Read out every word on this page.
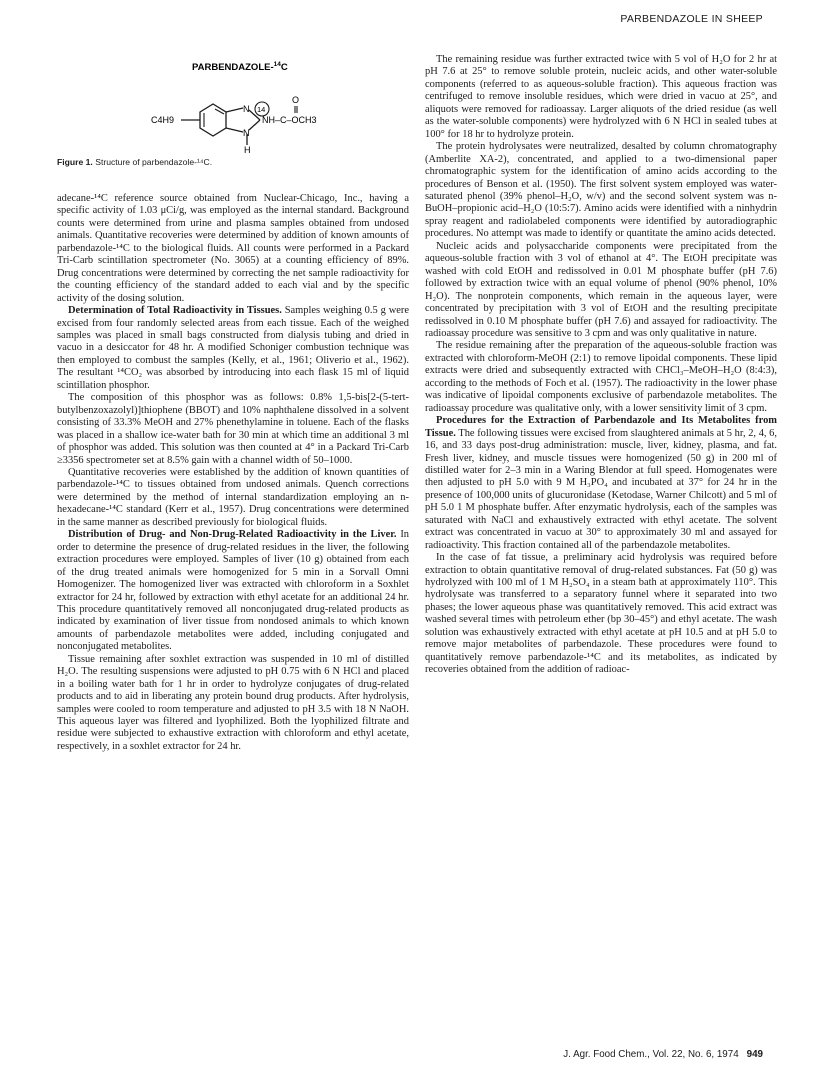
PARBENDAZOLE IN SHEEP
PARBENDAZOLE-$^{14}$C
14
O
C4H9
N
N
H
NH–C–OCH3
Figure 1. Structure of parbendazole-¹⁴C.

adecane-¹⁴C reference source obtained from Nuclear-Chicago, Inc., having a specific activity of 1.03 μCi/g, was employed as the internal standard. Background counts were determined from urine and plasma samples obtained from undosed animals. Quantitative recoveries were determined by addition of known amounts of parbendazole-¹⁴C to the biological fluids. All counts were performed in a Packard Tri-Carb scintillation spectrometer (No. 3065) at a counting efficiency of 89%. Drug concentrations were determined by correcting the net sample radioactivity for the counting efficiency of the standard added to each vial and by the specific activity of the dosing solution.

Determination of Total Radioactivity in Tissues. Samples weighing 0.5 g were excised from four randomly selected areas from each tissue. Each of the weighed samples was placed in small bags constructed from dialysis tubing and dried in vacuo in a desiccator for 48 hr. A modified Schoniger combustion technique was then employed to combust the samples (Kelly, et al., 1961; Oliverio et al., 1962). The resultant ¹⁴CO₂ was absorbed by introducing into each flask 15 ml of liquid scintillation phosphor.

The composition of this phosphor was as follows: 0.8% 1,5-bis[2-(5-tert-butylbenzoxazolyl)]thiophene (BBOT) and 10% naphthalene dissolved in a solvent consisting of 33.3% MeOH and 27% phenethylamine in toluene. Each of the flasks was placed in a shallow ice-water bath for 30 min at which time an additional 3 ml of phosphor was added. This solution was then counted at 4° in a Packard Tri-Carb ≥3356 spectrometer set at 8.5% gain with a channel width of 50–1000.

Quantitative recoveries were established by the addition of known quantities of parbendazole-¹⁴C to tissues obtained from undosed animals. Quench corrections were determined by the method of internal standardization employing an n-hexadecane-¹⁴C standard (Kerr et al., 1957). Drug concentrations were determined in the same manner as described previously for biological fluids.

Distribution of Drug- and Non-Drug-Related Radioactivity in the Liver. In order to determine the presence of drug-related residues in the liver, the following extraction procedures were employed. Samples of liver (10 g) obtained from each of the drug treated animals were homogenized for 5 min in a Sorvall Omni Homogenizer. The homogenized liver was extracted with chloroform in a Soxhlet extractor for 24 hr, followed by extraction with ethyl acetate for an additional 24 hr. This procedure quantitatively removed all nonconjugated drug-related products as indicated by examination of liver tissue from nondosed animals to which known amounts of parbendazole metabolites were added, including conjugated and nonconjugated metabolites.

Tissue remaining after soxhlet extraction was suspended in 10 ml of distilled H₂O. The resulting suspensions were adjusted to pH 0.75 with 6 N HCl and placed in a boiling water bath for 1 hr in order to hydrolyze conjugates of drug-related products and to aid in liberating any protein bound drug products. After hydrolysis, samples were cooled to room temperature and adjusted to pH 3.5 with 18 N NaOH. This aqueous layer was filtered and lyophilized. Both the lyophilized filtrate and residue were subjected to exhaustive extraction with chloroform and ethyl acetate, respectively, in a soxhlet extractor for 24 hr.

The remaining residue was further extracted twice with 5 vol of H₂O for 2 hr at pH 7.6 at 25° to remove soluble protein, nucleic acids, and other water-soluble components (referred to as aqueous-soluble fraction). This aqueous fraction was centrifuged to remove insoluble residues, which were dried in vacuo at 25°, and aliquots were removed for radioassay. Larger aliquots of the dried residue (as well as the water-soluble components) were hydrolyzed with 6 N HCl in sealed tubes at 100° for 18 hr to hydrolyze protein.

The protein hydrolysates were neutralized, desalted by column chromatography (Amberlite XA-2), concentrated, and applied to a two-dimensional paper chromatographic system for the identification of amino acids according to the procedures of Benson et al. (1950). The first solvent system employed was water-saturated phenol (39% phenol–H₂O, w/v) and the second solvent system was n-BuOH–propionic acid–H₂O (10:5:7). Amino acids were identified with a ninhydrin spray reagent and radiolabeled components were identified by autoradiographic procedures. No attempt was made to identify or quantitate the amino acids detected.

Nucleic acids and polysaccharide components were precipitated from the aqueous-soluble fraction with 3 vol of ethanol at 4°. The EtOH precipitate was washed with cold EtOH and redissolved in 0.01 M phosphate buffer (pH 7.6) followed by extraction twice with an equal volume of phenol (90% phenol, 10% H₂O). The nonprotein components, which remain in the aqueous layer, were concentrated by precipitation with 3 vol of EtOH and the resulting precipitate redissolved in 0.10 M phosphate buffer (pH 7.6) and assayed for radioactivity. The radioassay procedure was sensitive to 3 cpm and was only qualitative in nature.

The residue remaining after the preparation of the aqueous-soluble fraction was extracted with chloroform-MeOH (2:1) to remove lipoidal components. These lipid extracts were dried and subsequently extracted with CHCl₃–MeOH–H₂O (8:4:3), according to the methods of Foch et al. (1957). The radioactivity in the lower phase was indicative of lipoidal components exclusive of parbendazole metabolites. The radioassay procedure was qualitative only, with a lower sensitivity limit of 3 cpm.

Procedures for the Extraction of Parbendazole and Its Metabolites from Tissue. The following tissues were excised from slaughtered animals at 5 hr, 2, 4, 6, 16, and 33 days post-drug administration: muscle, liver, kidney, plasma, and fat. Fresh liver, kidney, and muscle tissues were homogenized (50 g) in 200 ml of distilled water for 2–3 min in a Waring Blendor at full speed. Homogenates were then adjusted to pH 5.0 with 9 M H₃PO₄ and incubated at 37° for 24 hr in the presence of 100,000 units of glucuronidase (Ketodase, Warner Chilcott) and 5 ml of pH 5.0 1 M phosphate buffer. After enzymatic hydrolysis, each of the samples was saturated with NaCl and exhaustively extracted with ethyl acetate. The solvent extract was concentrated in vacuo at 30° to approximately 30 ml and assayed for radioactivity. This fraction contained all of the parbendazole metabolites.

In the case of fat tissue, a preliminary acid hydrolysis was required before extraction to obtain quantitative removal of drug-related substances. Fat (50 g) was hydrolyzed with 100 ml of 1 M H₂SO₄ in a steam bath at approximately 110°. This hydrolysate was transferred to a separatory funnel where it separated into two phases; the lower aqueous phase was quantitatively removed. This acid extract was washed several times with petroleum ether (bp 30–45°) and ethyl acetate. The wash solution was exhaustively extracted with ethyl acetate at pH 10.5 and at pH 5.0 to remove major metabolites of parbendazole. These procedures were found to quantitatively remove parbendazole-¹⁴C and its metabolites, as indicated by recoveries obtained from the addition of radioac-

J. Agr. Food Chem., Vol. 22, No. 6, 1974 949
